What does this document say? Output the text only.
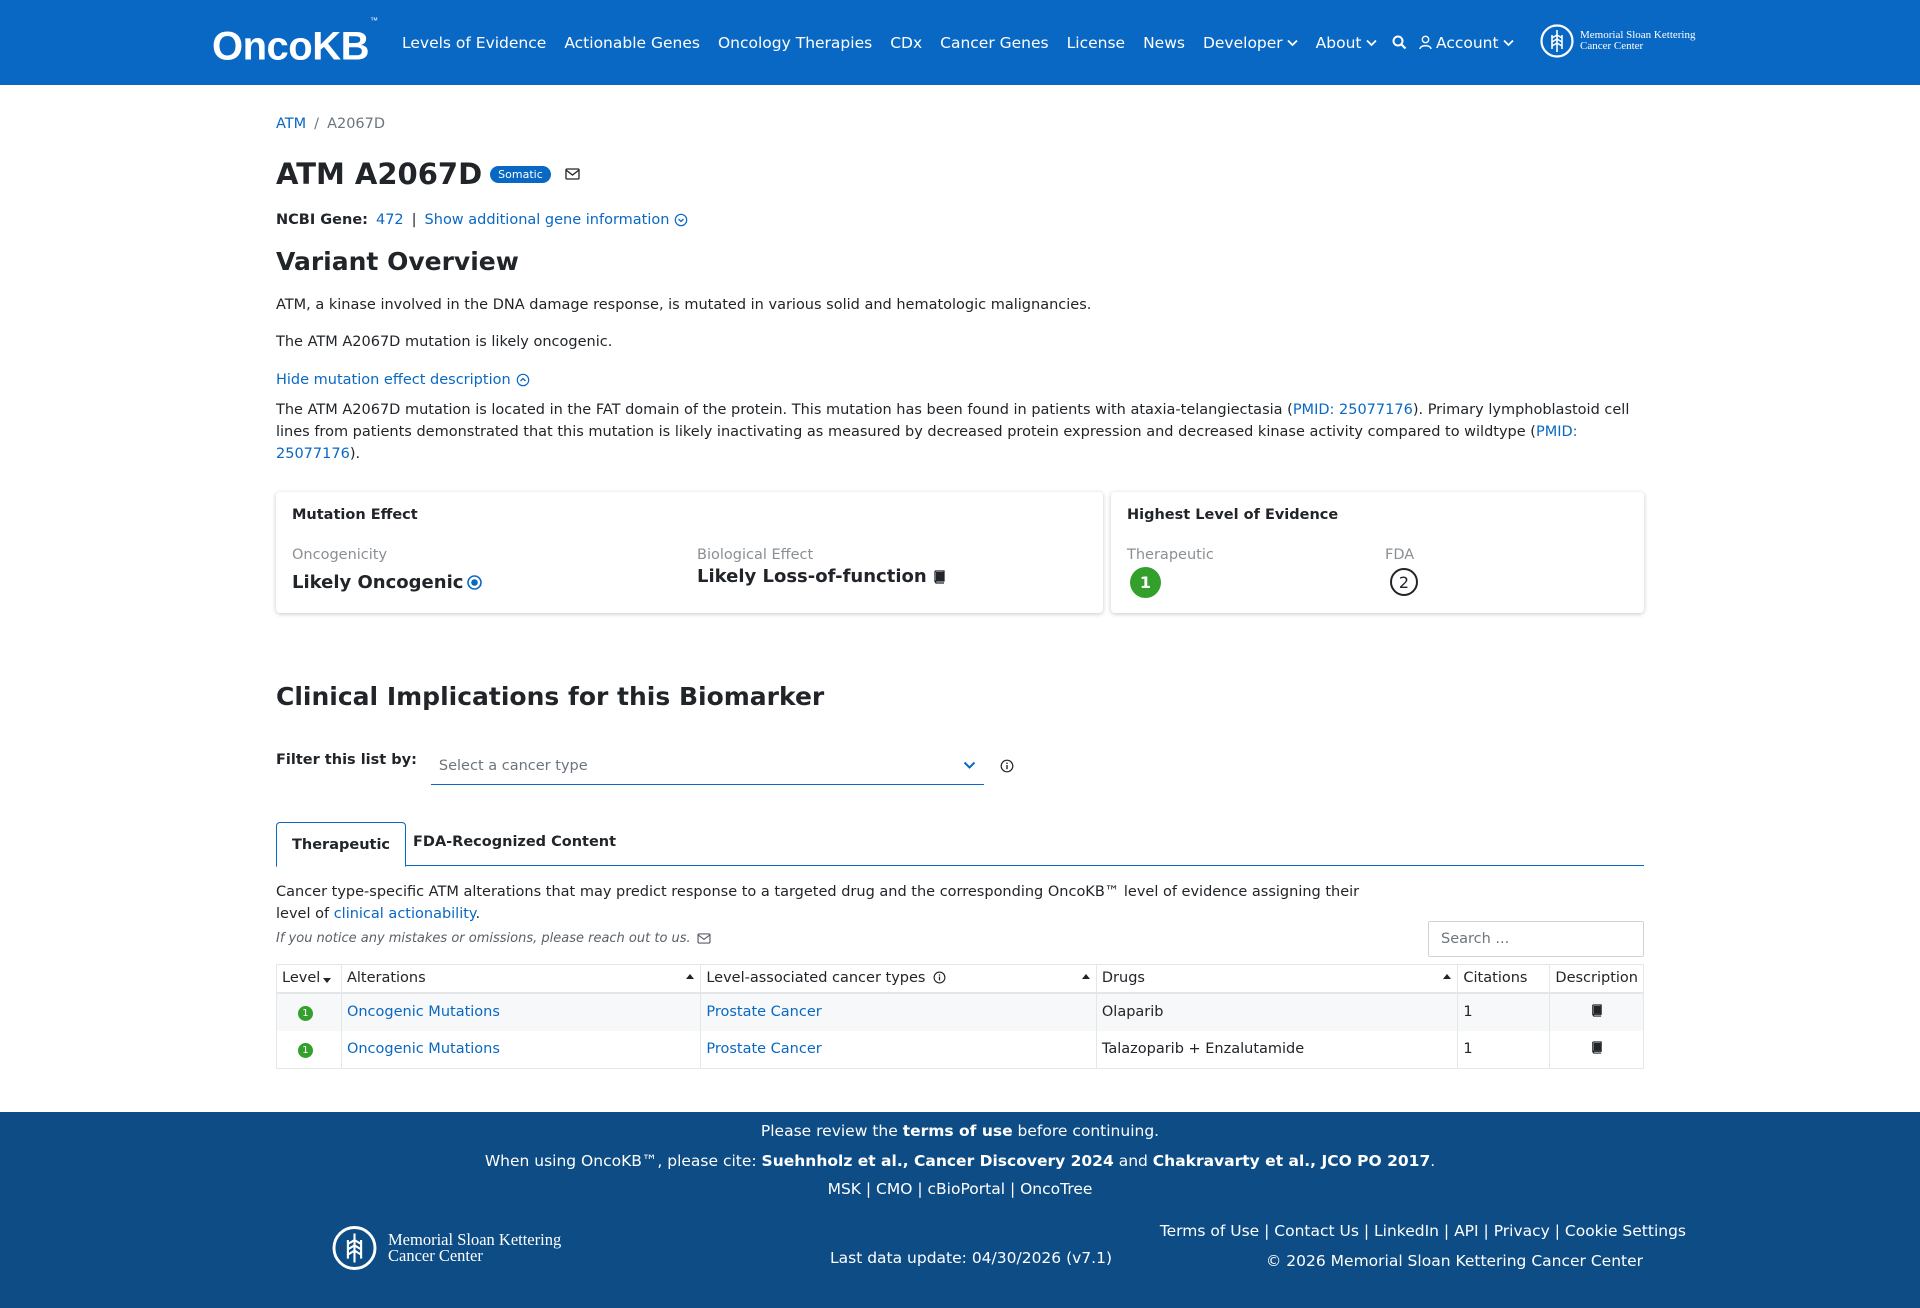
OncoKB™
Levels of Evidence Actionable Genes Oncology Therapies CDx Cancer Genes License News Developer About	Account	Memorial Sloan Kettering
Cancer Center
ATM / A2067D
ATM A2067D	Somatic
NCBI Gene: 472 | Show additional gene information
Variant Overview
ATM, a kinase involved in the DNA damage response, is mutated in various solid and hematologic malignancies.
The ATM A2067D mutation is likely oncogenic.
Hide mutation effect description
The ATM A2067D mutation is located in the FAT domain of the protein. This mutation has been found in patients with ataxia-telangiectasia (PMID: 25077176). Primary lymphoblastoid cell lines from patients demonstrated that this mutation is likely inactivating as measured by decreased protein expression and decreased kinase activity compared to wildtype (PMID: 25077176).
Mutation Effect
Oncogenicity
Likely Oncogenic
Biological Effect
Likely Loss-of-function
Highest Level of Evidence
Therapeutic
1
FDA
2
Clinical Implications for this Biomarker
Filter this list by: Select a cancer type
Therapeutic	FDA-Recognized Content
Cancer type-specific ATM alterations that may predict response to a targeted drug and the corresponding OncoKB™ level of evidence assigning their level of clinical actionability.
If you notice any mistakes or omissions, please reach out to us.	Search ...
Level	Alterations	Level-associated cancer types	Drugs	Citations	Description
1	Oncogenic Mutations	Prostate Cancer	Olaparib	1	
1	Oncogenic Mutations	Prostate Cancer	Talazoparib + Enzalutamide	1	
Please review the terms of use before continuing.
When using OncoKB™, please cite: Suehnholz et al., Cancer Discovery 2024 and Chakravarty et al., JCO PO 2017.
MSK | CMO | cBioPortal | OncoTree
Memorial Sloan Kettering
Cancer Center	Last data update: 04/30/2026 (v7.1)
Terms of Use | Contact Us | LinkedIn | API | Privacy | Cookie Settings
© 2026 Memorial Sloan Kettering Cancer Center
